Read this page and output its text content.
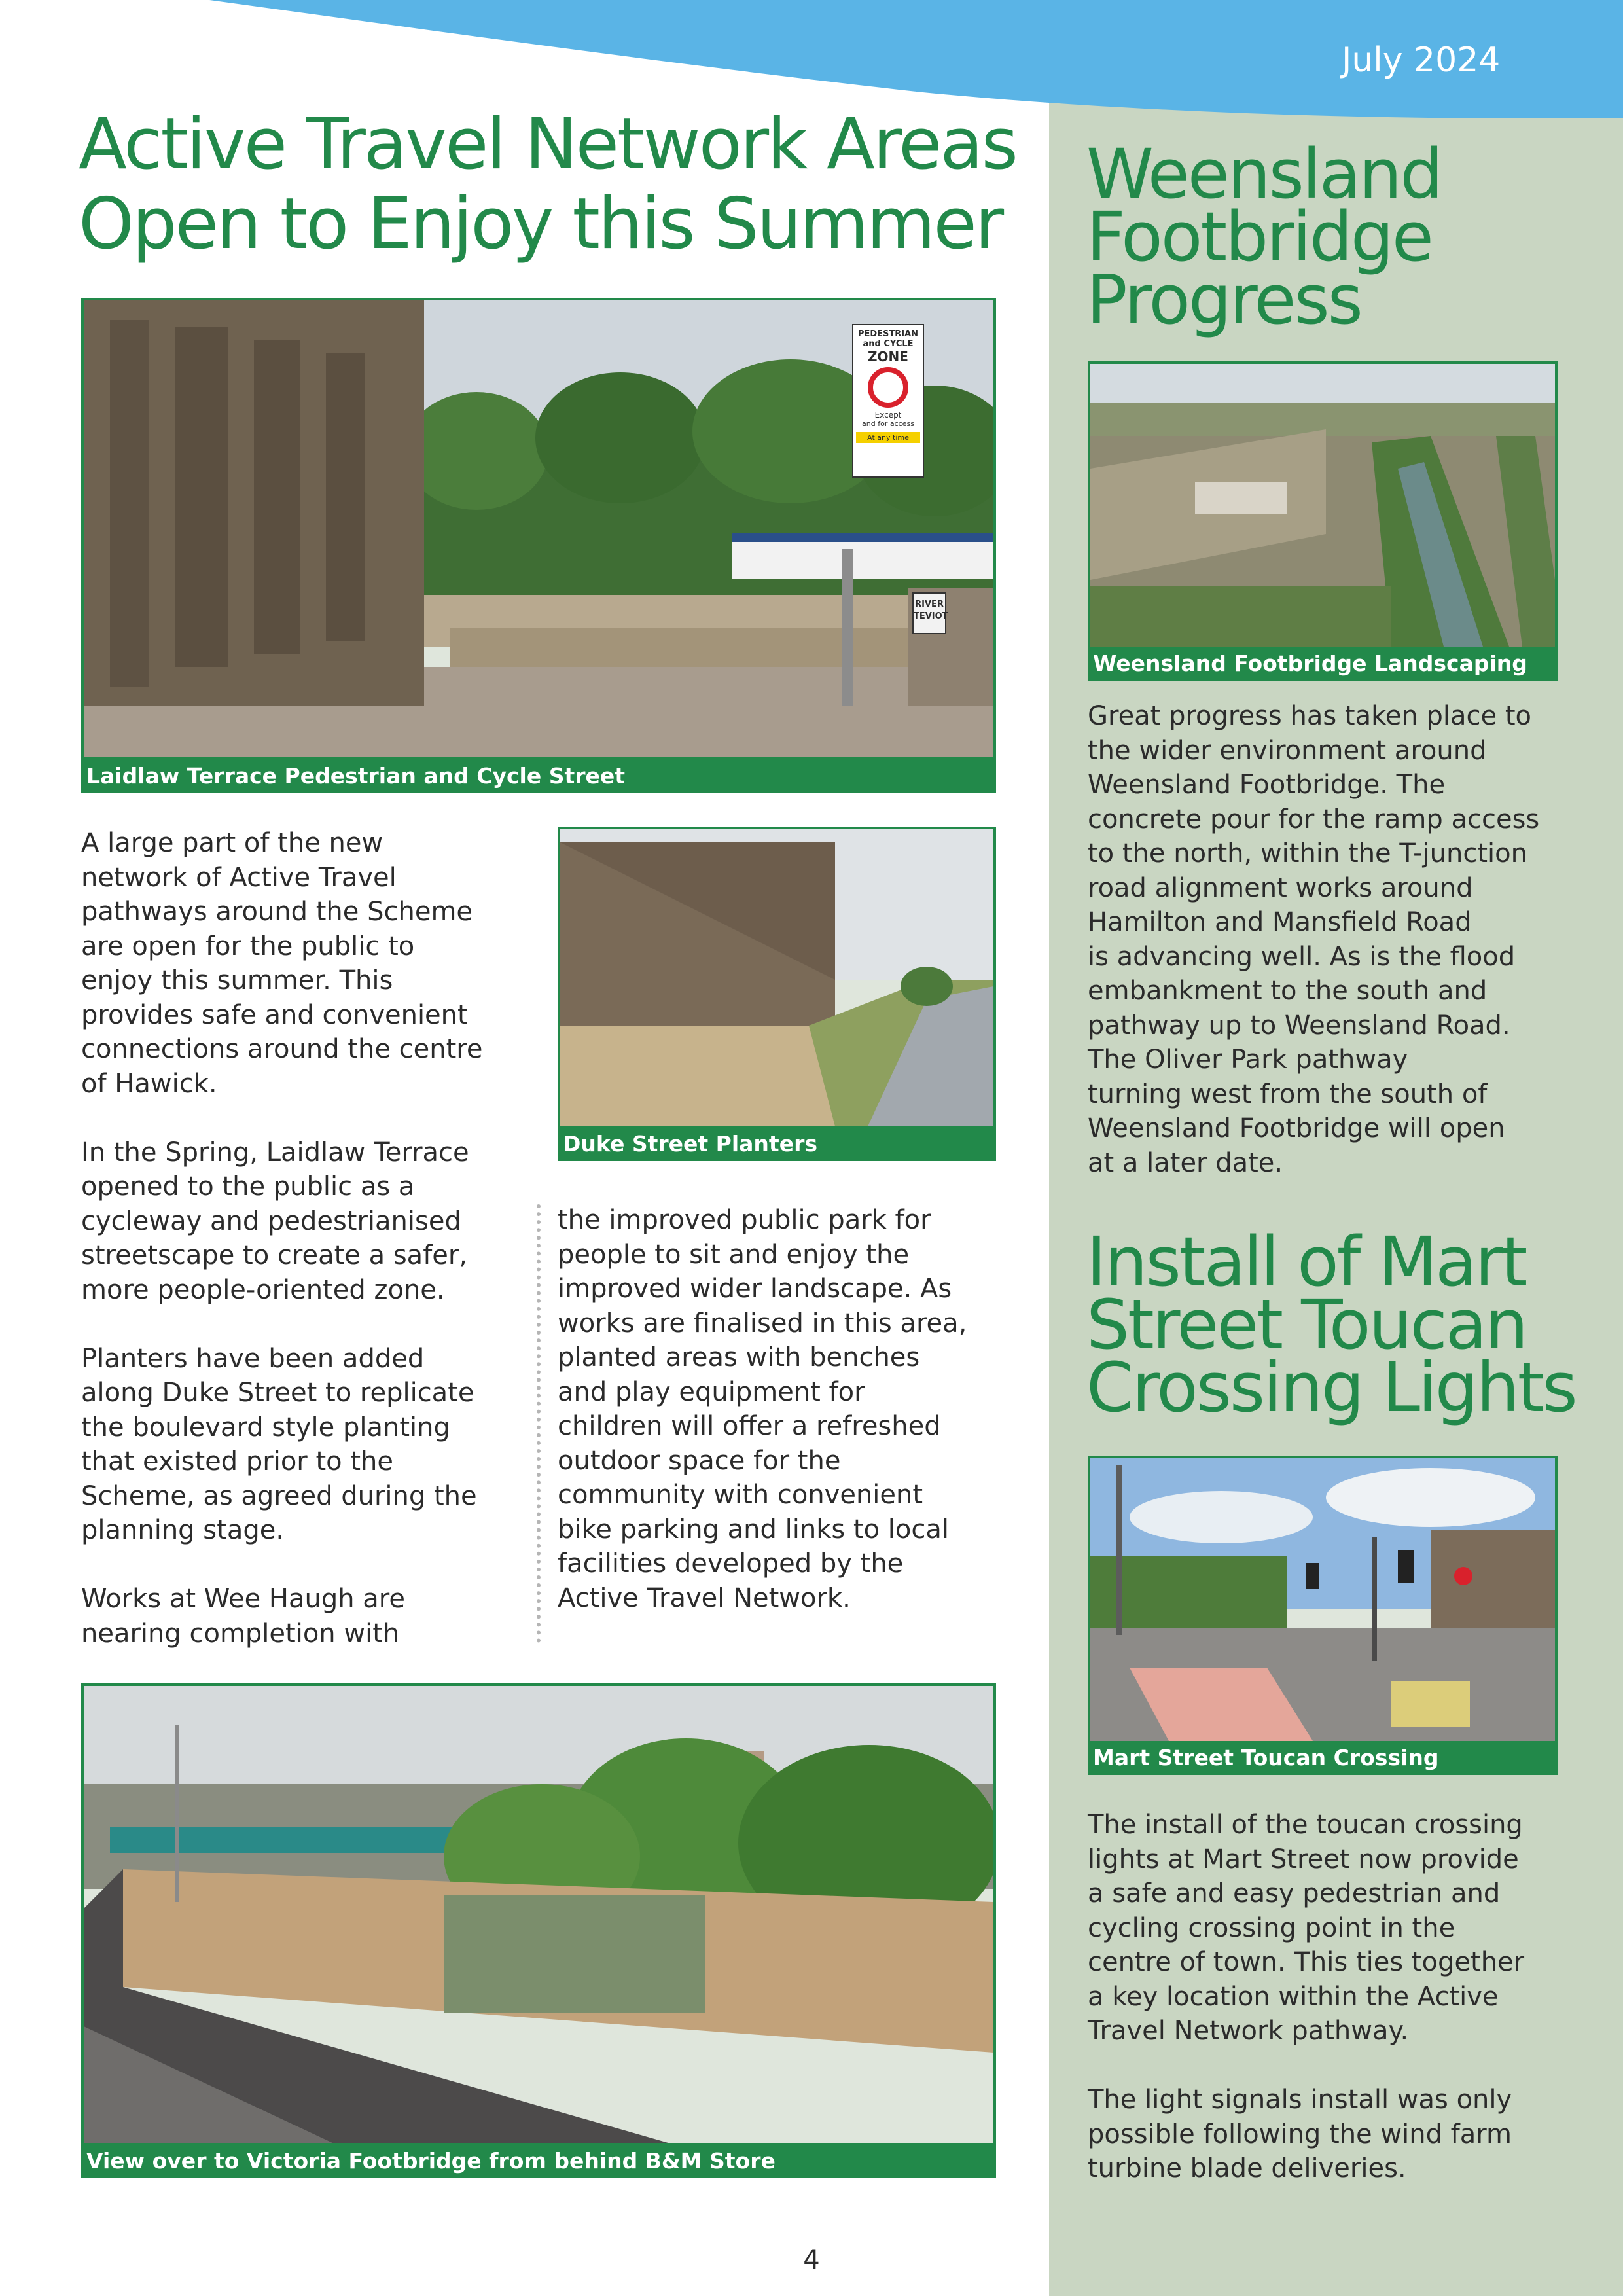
July 2024
Active Travel Network Areas Open to Enjoy this Summer
PEDESTRIAN
and CYCLE
ZONE
Except
and for access
At any time
RIVER TEVIOT
Laidlaw Terrace Pedestrian and Cycle Street
Duke Street Planters

A large part of the new
network of Active Travel
pathways around the Scheme
are open for the public to
enjoy this summer. This
provides safe and convenient
connections around the centre
of Hawick.

In the Spring, Laidlaw Terrace
opened to the public as a
cycleway and pedestrianised
streetscape to create a safer,
more people-oriented zone.

Planters have been added
along Duke Street to replicate
the boulevard style planting
that existed prior to the
Scheme, as agreed during the
planning stage.

Works at Wee Haugh are
nearing completion with

the improved public park for
people to sit and enjoy the
improved wider landscape. As
works are finalised in this area,
planted areas with benches
and play equipment for
children will offer a refreshed
outdoor space for the
community with convenient
bike parking and links to local
facilities developed by the
Active Travel Network.

View over to Victoria Footbridge from behind B&M Store
Weensland Footbridge Progress
Weensland Footbridge Landscaping

Great progress has taken place to
the wider environment around
Weensland Footbridge. The
concrete pour for the ramp access
to the north, within the T-junction
road alignment works around
Hamilton and Mansfield Road
is advancing well. As is the flood
embankment to the south and
pathway up to Weensland Road.
The Oliver Park pathway
turning west from the south of
Weensland Footbridge will open
at a later date.

Install of Mart Street Toucan Crossing Lights
Mart Street Toucan Crossing

The install of the toucan crossing
lights at Mart Street now provide
a safe and easy pedestrian and
cycling crossing point in the
centre of town. This ties together
a key location within the Active
Travel Network pathway.

The light signals install was only
possible following the wind farm
turbine blade deliveries.

4
